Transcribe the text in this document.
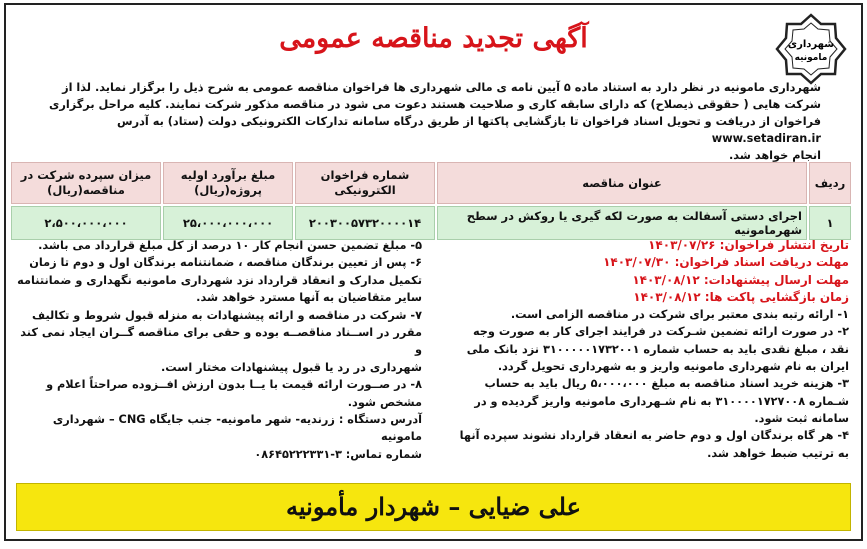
شهرداری
مامونیه
آگهی تجدید مناقصه عمومی

شهرداری مامونیه در نظر دارد به استناد ماده ۵ آیین نامه ی مالی شهرداری ها فراخوان مناقصه عمومی به شرح ذیل را برگزار نماید. لذا از

شرکت هایی ( حقوقی ذیصلاح) که دارای سابقه کاری و صلاحیت هستند دعوت می شود در مناقصه مذکور شرکت نمایند. کلیه مراحل برگزاری

فراخوان از دریافت و تحویل اسناد فراخوان تا بازگشایی پاکتها از طریق درگاه سامانه تدارکات الکترونیکی دولت (ستاد) به آدرس www.setadiran.ir

انجام خواهد شد.

ردیف	عنوان مناقصه	شماره فراخوان الکترونیکی	مبلغ برآورد اولیه پروژه(ریال)	میزان سپرده شرکت در مناقصه(ریال)
۱	اجرای دستی آسفالت به صورت لکه گیری یا روکش در سطح شهرمامونیه	۲۰۰۳۰۰۵۷۳۲۰۰۰۰۱۴	۲۵،۰۰۰،۰۰۰،۰۰۰	۲،۵۰۰،۰۰۰،۰۰۰

تاریخ انتشار فراخوان: ۱۴۰۳/۰۷/۲۶

مهلت دریافت اسناد فراخوان: ۱۴۰۳/۰۷/۳۰

مهلت ارسال پیشنهادات: ۱۴۰۳/۰۸/۱۲

زمان بازگشایی پاکت ها: ۱۴۰۳/۰۸/۱۲

۱- ارائه رتبه بندی معتبر برای شرکت در مناقصه الزامی است.

۲- در صورت ارائه تضمین شـرکت در فرایند اجرای کار به صورت وجه

نقد ، مبلغ نقدی باید به حساب شماره ۳۱۰۰۰۰۰۱۷۳۲۰۰۱ نزد بانک ملی

ایران به نام شهرداری مامونیه واریز و به شهرداری تحویل گردد.

۳- هزینه خرید اسناد مناقصه به مبلغ ۵،۰۰۰،۰۰۰ ریال باید به حساب

شـماره ۳۱۰۰۰۰۱۷۲۷۰۰۸ به نام شـهرداری مامونیه واریز گردیده و در

سامانه ثبت شود.

۴- هر گاه برندگان اول و دوم حاضر به انعقاد قرارداد نشوند سپرده آنها

به ترتیب ضبط خواهد شد.

۵- مبلغ تضمین حسن انجام کار ۱۰ درصد از کل مبلغ قرارداد می باشد.

۶- پس از تعیین برندگان مناقصه ، ضمانتنامه برندگان اول و دوم تا زمان

تکمیل مدارک و انعقاد قرارداد نزد شهرداری مامونیه نگهداری و ضمانتنامه

سایر متقاضیان به آنها مسترد خواهد شد.

۷- شرکت در مناقصه و ارائه پیشنهادات به منزله قبول شروط و تکالیف

مقرر در اســناد مناقصــه بوده و حقی برای مناقصه گــران ایجاد نمی کند و

شهرداری در رد یا قبول پیشنهادات مختار است.

۸- در صــورت ارائه قیمت با یــا بدون ارزش افــزوده صراحتاً اعلام و

مشخص شود.

آدرس دستگاه : زرندیه- شهر مامونیه- جنب جایگاه CNG – شهرداری

مامونیه

شماره تماس: ۳-۰۸۶۴۵۲۲۲۳۳۱

علی ضیایی – شهردار مأمونیه
